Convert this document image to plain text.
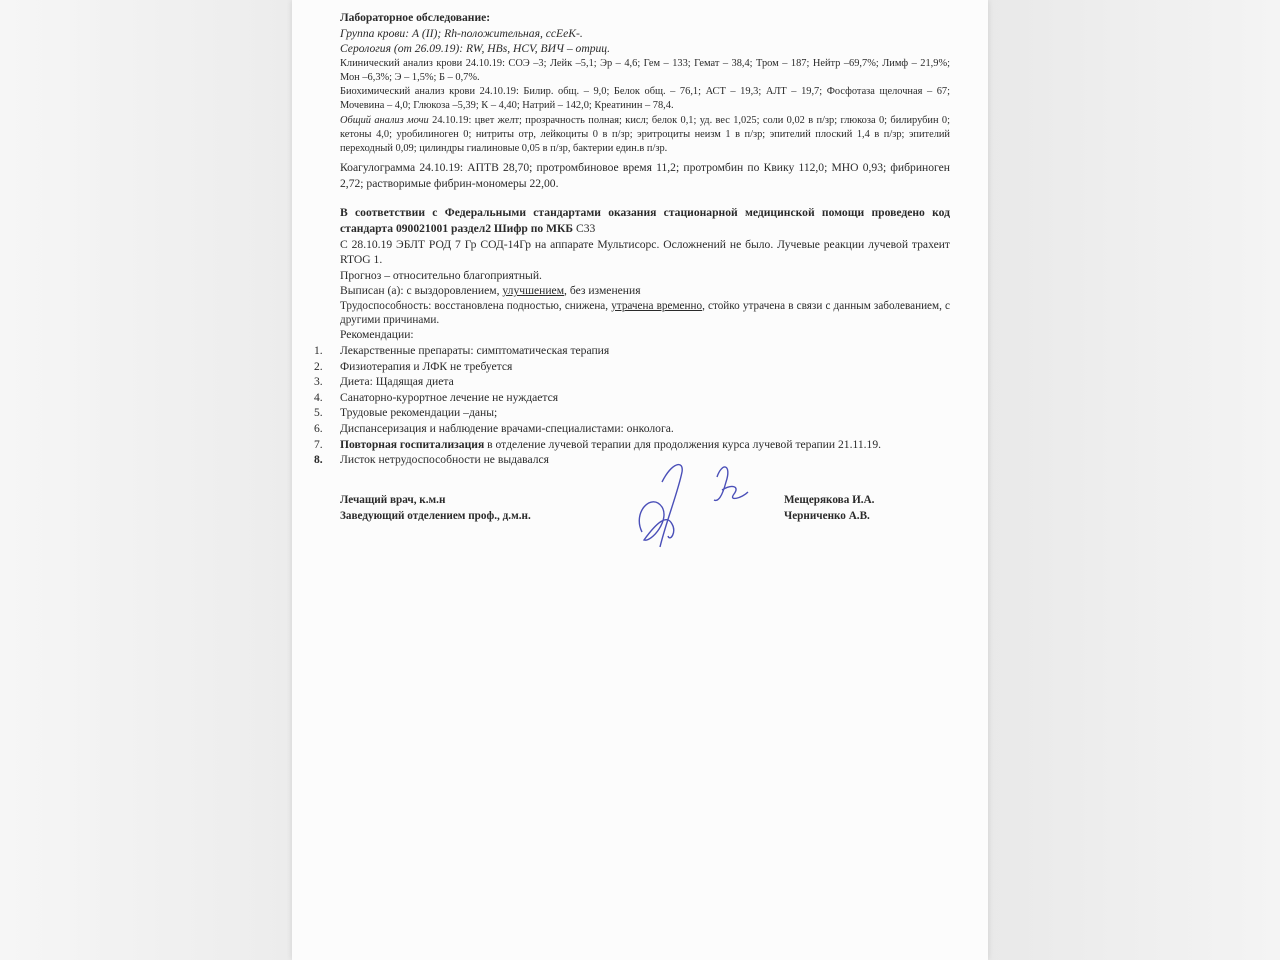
Лабораторное обследование:
Группа крови: А (II); Rh-положительная, ccEeK-.
Серология (от 26.09.19): RW, HBs, HCV, ВИЧ – отриц.
Клинический анализ крови 24.10.19: СОЭ –3; Лейк –5,1; Эр – 4,6; Гем – 133; Гемат – 38,4; Тром – 187; Нейтр –69,7%; Лимф – 21,9%; Мон –6,3%; Э – 1,5%; Б – 0,7%.
Биохимический анализ крови 24.10.19: Билир. общ. – 9,0; Белок общ. – 76,1; АСТ – 19,3; АЛТ – 19,7; Фосфотаза щелочная – 67; Мочевина – 4,0; Глюкоза –5,39; К – 4,40; Натрий – 142,0; Креатинин – 78,4.
Общий анализ мочи 24.10.19: цвет желт; прозрачность полная; кисл; белок 0,1; уд. вес 1,025; соли 0,02 в п/зр; глюкоза 0; билирубин 0; кетоны 4,0; уробилиноген 0; нитриты отр, лейкоциты 0 в п/зр; эритроциты неизм 1 в п/зр; эпителий плоский 1,4 в п/зр; эпителий переходный 0,09; цилиндры гиалиновые 0,05 в п/зр, бактерии един.в п/зр.
Коагулограмма 24.10.19: АПТВ 28,70; протромбиновое время 11,2; протромбин по Квику 112,0; МНО 0,93; фибриноген 2,72; растворимые фибрин-мономеры 22,00.
В соответствии с Федеральными стандартами оказания стационарной медицинской помощи проведено код стандарта 090021001 раздел2 Шифр по МКБ С33
С 28.10.19 ЭБЛТ РОД 7 Гр СОД-14Гр на аппарате Мультисорс. Осложнений не было. Лучевые реакции лучевой трахеит RTOG 1.
Прогноз – относительно благоприятный.
Выписан (а): с выздоровлением, улучшением, без изменения
Трудоспособность: восстановлена подностью, снижена, утрачена временно, стойко утрачена в связи с данным заболеванием, с другими причинами.
Рекомендации:
1.	Лекарственные препараты: симптоматическая терапия
2.	Физиотерапия и ЛФК не требуется
3.	Диета: Щадящая диета
4.	Санаторно-курортное лечение не нуждается
5.	Трудовые рекомендации –даны;
6.	Диспансеризация и наблюдение врачами-специалистами: онколога.
7.	Повторная госпитализация в отделение лучевой терапии для продолжения курса лучевой терапии 21.11.19.
8.	Листок нетрудоспособности не выдавался
Лечащий врач, к.м.н
Заведующий отделением проф., д.м.н.
Мещерякова И.А.
Черниченко А.В.
